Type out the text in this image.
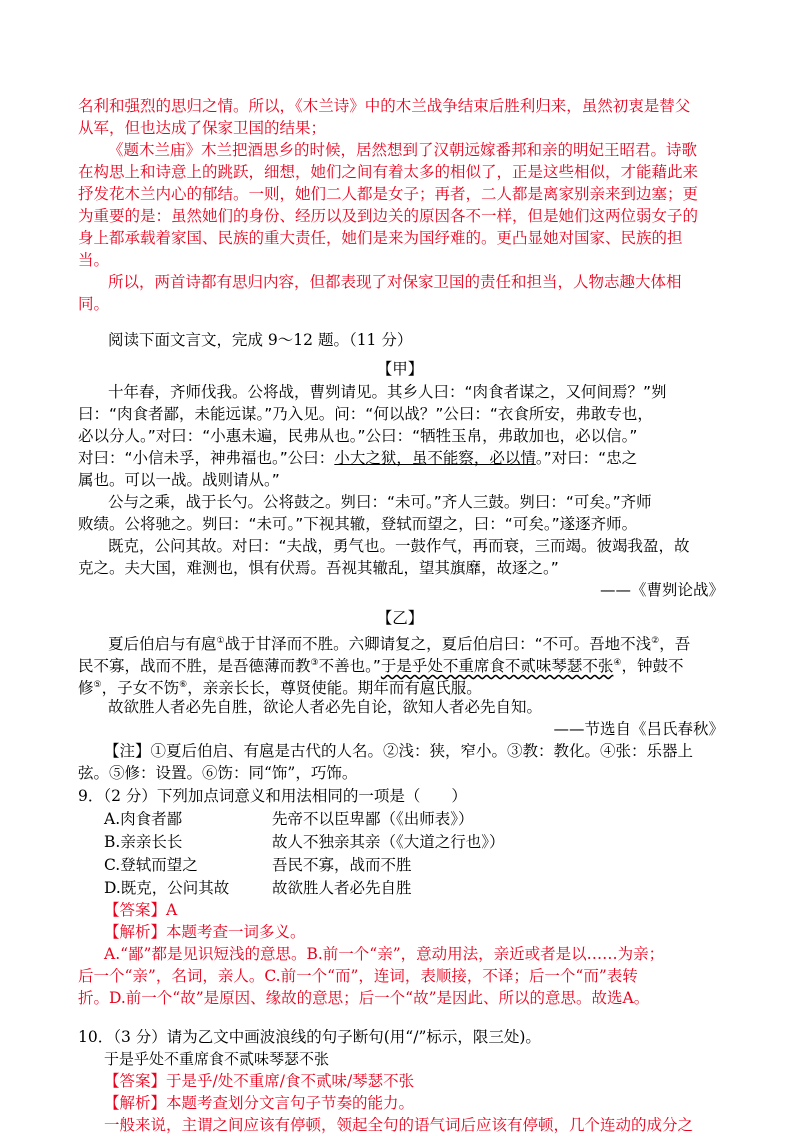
名利和强烈的思归之情。所以，《木兰诗》中的木兰战争结束后胜利归来，虽然初衷是替父
从军，但也达成了保家卫国的结果；
《题木兰庙》木兰把酒思乡的时候，居然想到了汉朝远嫁番邦和亲的明妃王昭君。诗歌
在构思上和诗意上的跳跃，细想，她们之间有着太多的相似了，正是这些相似，才能藉此来
抒发花木兰内心的郁结。一则，她们二人都是女子；再者，二人都是离家别亲来到边塞；更
为重要的是：虽然她们的身份、经历以及到边关的原因各不一样，但是她们这两位弱女子的
身上都承载着家国、民族的重大责任，她们是来为国纾难的。更凸显她对国家、民族的担
当。
所以，两首诗都有思归内容，但都表现了对保家卫国的责任和担当，人物志趣大体相
同。
阅读下面文言文，完成 9～12 题。（11 分）
【甲】
十年春，齐师伐我。公将战，曹刿请见。其乡人曰：“肉食者谋之，又何间焉？”刿
曰：“肉食者鄙，未能远谋。”乃入见。问：“何以战？”公曰：“衣食所安，弗敢专也，
必以分人。”对曰：“小惠未遍，民弗从也。”公曰：“牺牲玉帛，弗敢加也，必以信。”
对曰：“小信未孚，神弗福也。”公曰：小大之狱，虽不能察，必以情。”对曰：“忠之
属也。可以一战。战则请从。”
公与之乘，战于长勺。公将鼓之。刿曰：“未可。”齐人三鼓。刿曰：“可矣。”齐师
败绩。公将驰之。刿曰：“未可。”下视其辙，登轼而望之，曰：“可矣。”遂逐齐师。
既克，公问其故。对曰：“夫战，勇气也。一鼓作气，再而衰，三而竭。彼竭我盈，故
克之。夫大国，难测也，惧有伏焉。吾视其辙乱，望其旗靡，故逐之。”
——《曹刿论战》
【乙】
夏后伯启与有扈①战于甘泽而不胜。六卿请复之，夏后伯启曰：“不可。吾地不浅②，吾
民不寡，战而不胜，是吾德薄而教③不善也。”于是乎处不重席食不贰味琴瑟不张④，钟鼓不
修⑤，子女不饬⑥，亲亲长长，尊贤使能。期年而有扈氏服。
故欲胜人者必先自胜，欲论人者必先自论，欲知人者必先自知。
——节选自《吕氏春秋》
【注】①夏后伯启、有扈是古代的人名。②浅：狭，窄小。③教：教化。④张：乐器上
弦。⑤修：设置。⑥饬：同“饰”，巧饰。
9．（2 分）下列加点词意义和用法相同的一项是（　　）
A.肉食者鄙	先帝不以臣卑鄙（《出师表》）
B.亲亲长长	故人不独亲其亲（《大道之行也》）
C.登轼而望之	吾民不寡，战而不胜
D.既克，公问其故	故欲胜人者必先自胜
【答案】A
【解析】本题考查一词多义。
A.“鄙”都是见识短浅的意思。B.前一个“亲”，意动用法，亲近或者是以……为亲；
后一个“亲”，名词，亲人。C.前一个“而”，连词，表顺接，不译；后一个“而”表转
折。D.前一个“故”是原因、缘故的意思；后一个“故”是因此、所以的意思。故选A。
10．（3 分）请为乙文中画波浪线的句子断句(用“/”标示，限三处)。
于是乎处不重席食不贰味琴瑟不张
【答案】于是乎/处不重席/食不贰味/琴瑟不张
【解析】本题考查划分文言句子节奏的能力。
一般来说，主谓之间应该有停顿，领起全句的语气词后应该有停顿，几个连动的成分之
